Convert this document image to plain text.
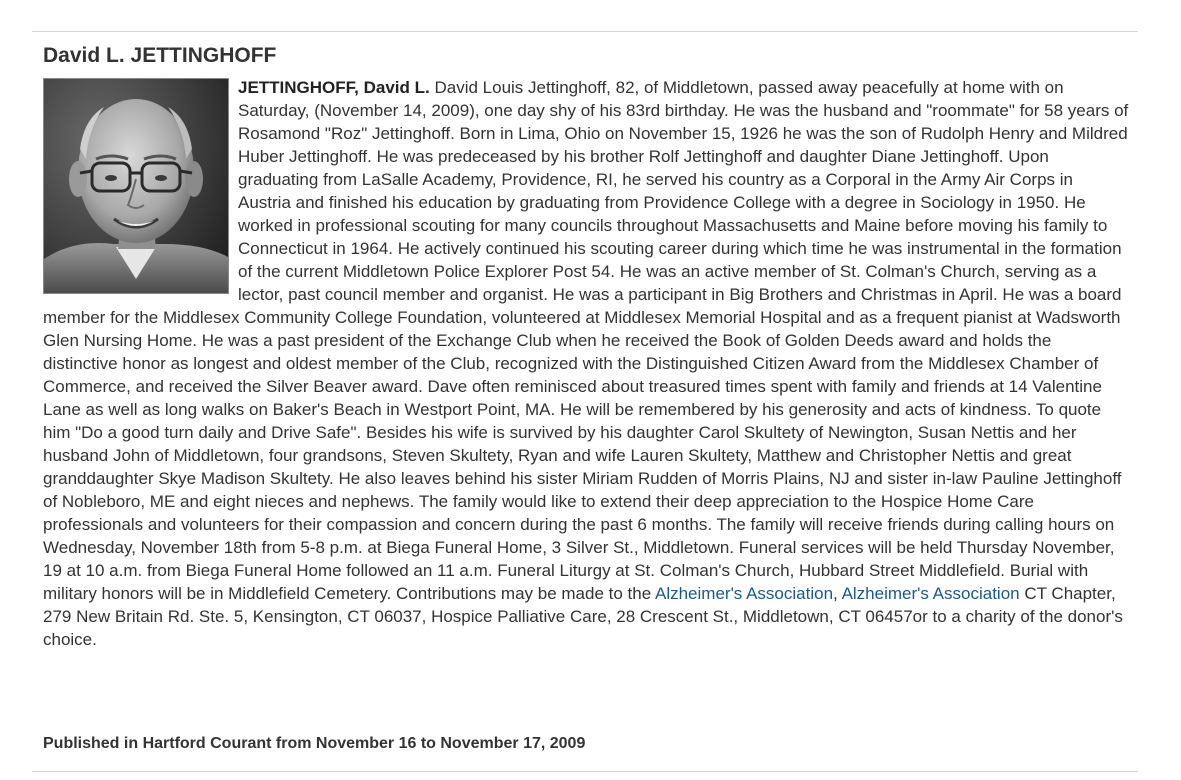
David L. JETTINGHOFF
JETTINGHOFF, David L. David Louis Jettinghoff, 82, of Middletown, passed away peacefully at home with on Saturday, (November 14, 2009), one day shy of his 83rd birthday. He was the husband and "roommate" for 58 years of Rosamond "Roz" Jettinghoff. Born in Lima, Ohio on November 15, 1926 he was the son of Rudolph Henry and Mildred Huber Jettinghoff. He was predeceased by his brother Rolf Jettinghoff and daughter Diane Jettinghoff. Upon graduating from LaSalle Academy, Providence, RI, he served his country as a Corporal in the Army Air Corps in Austria and finished his education by graduating from Providence College with a degree in Sociology in 1950. He worked in professional scouting for many councils throughout Massachusetts and Maine before moving his family to Connecticut in 1964. He actively continued his scouting career during which time he was instrumental in the formation of the current Middletown Police Explorer Post 54. He was an active member of St. Colman's Church, serving as a lector, past council member and organist. He was a participant in Big Brothers and Christmas in April. He was a board member for the Middlesex Community College Foundation, volunteered at Middlesex Memorial Hospital and as a frequent pianist at Wadsworth Glen Nursing Home. He was a past president of the Exchange Club when he received the Book of Golden Deeds award and holds the distinctive honor as longest and oldest member of the Club, recognized with the Distinguished Citizen Award from the Middlesex Chamber of Commerce, and received the Silver Beaver award. Dave often reminisced about treasured times spent with family and friends at 14 Valentine Lane as well as long walks on Baker's Beach in Westport Point, MA. He will be remembered by his generosity and acts of kindness. To quote him "Do a good turn daily and Drive Safe". Besides his wife is survived by his daughter Carol Skultety of Newington, Susan Nettis and her husband John of Middletown, four grandsons, Steven Skultety, Ryan and wife Lauren Skultety, Matthew and Christopher Nettis and great granddaughter Skye Madison Skultety. He also leaves behind his sister Miriam Rudden of Morris Plains, NJ and sister in-law Pauline Jettinghoff of Nobleboro, ME and eight nieces and nephews. The family would like to extend their deep appreciation to the Hospice Home Care professionals and volunteers for their compassion and concern during the past 6 months. The family will receive friends during calling hours on Wednesday, November 18th from 5-8 p.m. at Biega Funeral Home, 3 Silver St., Middletown. Funeral services will be held Thursday November, 19 at 10 a.m. from Biega Funeral Home followed an 11 a.m. Funeral Liturgy at St. Colman's Church, Hubbard Street Middlefield. Burial with military honors will be in Middlefield Cemetery. Contributions may be made to the Alzheimer's Association, Alzheimer's Association CT Chapter, 279 New Britain Rd. Ste. 5, Kensington, CT 06037, Hospice Palliative Care, 28 Crescent St., Middletown, CT 06457or to a charity of the donor's choice.

Published in Hartford Courant from November 16 to November 17, 2009
